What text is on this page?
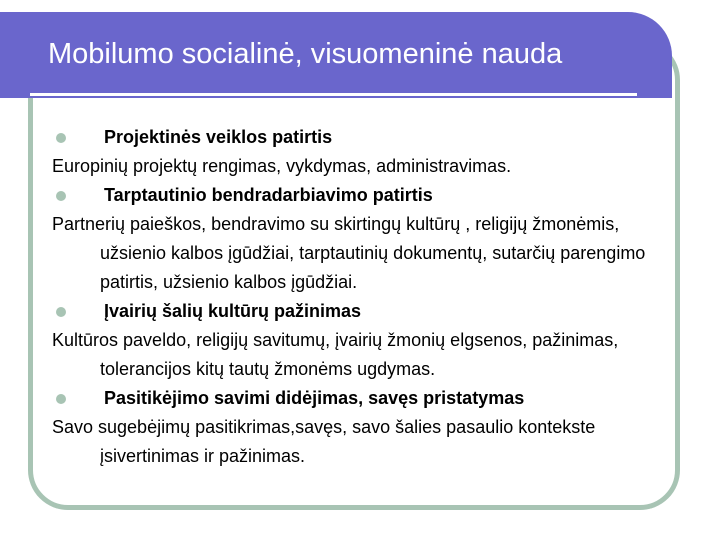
Mobilumo socialinė, visuomeninė nauda
Projektinės veiklos patirtis

Europinių projektų rengimas, vykdymas, administravimas.

Tarptautinio bendradarbiavimo patirtis

Partnerių paieškos, bendravimo su skirtingų kultūrų , religijų žmonėmis, užsienio kalbos įgūdžiai, tarptautinių dokumentų, sutarčių parengimo patirtis, užsienio kalbos įgūdžiai.

Įvairių šalių kultūrų pažinimas

Kultūros paveldo, religijų savitumų, įvairių žmonių elgsenos, pažinimas, tolerancijos kitų tautų žmonėms ugdymas.

Pasitikėjimo savimi didėjimas, savęs pristatymas

Savo sugebėjimų pasitikrimas,savęs, savo šalies pasaulio kontekste įsivertinimas ir pažinimas.
